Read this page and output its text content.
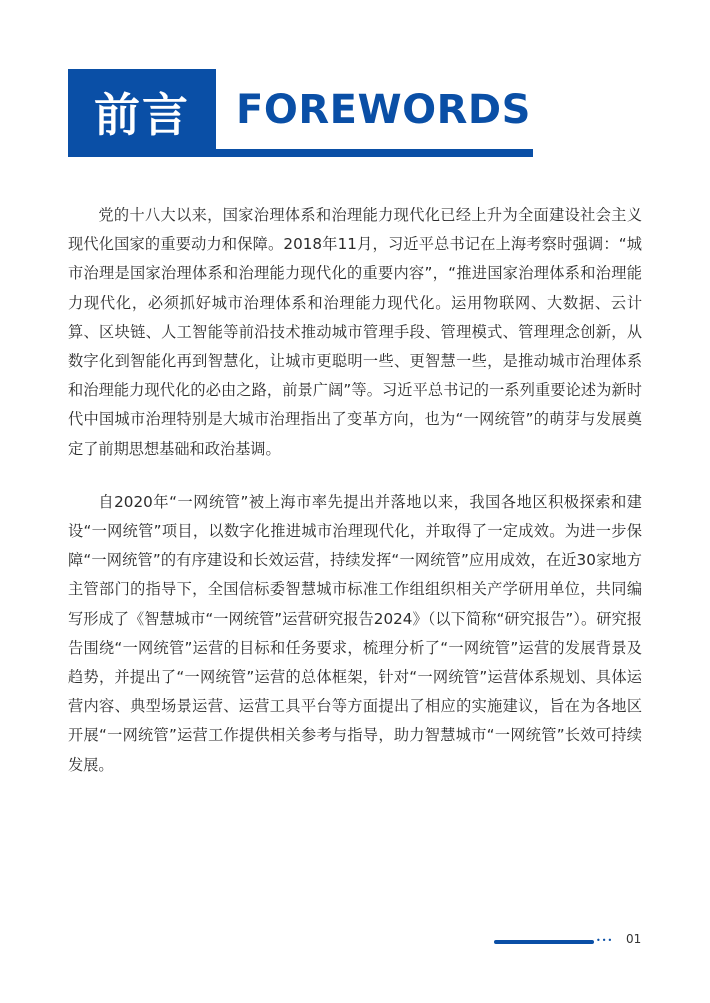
前言	FOREWORDS

党的十八大以来，国家治理体系和治理能力现代化已经上升为全面建设社会主义现代化国家的重要动力和保障。2018年11月，习近平总书记在上海考察时强调：“城市治理是国家治理体系和治理能力现代化的重要内容”，“推进国家治理体系和治理能力现代化，必须抓好城市治理体系和治理能力现代化。运用物联网、大数据、云计算、区块链、人工智能等前沿技术推动城市管理手段、管理模式、管理理念创新，从数字化到智能化再到智慧化，让城市更聪明一些、更智慧一些，是推动城市治理体系和治理能力现代化的必由之路，前景广阔”等。习近平总书记的一系列重要论述为新时代中国城市治理特别是大城市治理指出了变革方向，也为“一网统管”的萌芽与发展奠定了前期思想基础和政治基调。

自2020年“一网统管”被上海市率先提出并落地以来，我国各地区积极探索和建设“一网统管”项目，以数字化推进城市治理现代化，并取得了一定成效。为进一步保障“一网统管”的有序建设和长效运营，持续发挥“一网统管”应用成效，在近30家地方主管部门的指导下，全国信标委智慧城市标准工作组组织相关产学研用单位，共同编写形成了《智慧城市“一网统管”运营研究报告2024》（以下简称“研究报告”）。研究报告围绕“一网统管”运营的目标和任务要求，梳理分析了“一网统管”运营的发展背景及趋势，并提出了“一网统管”运营的总体框架，针对“一网统管”运营体系规划、具体运营内容、典型场景运营、运营工具平台等方面提出了相应的实施建议，旨在为各地区开展“一网统管”运营工作提供相关参考与指导，助力智慧城市“一网统管”长效可持续发展。

••• 01
